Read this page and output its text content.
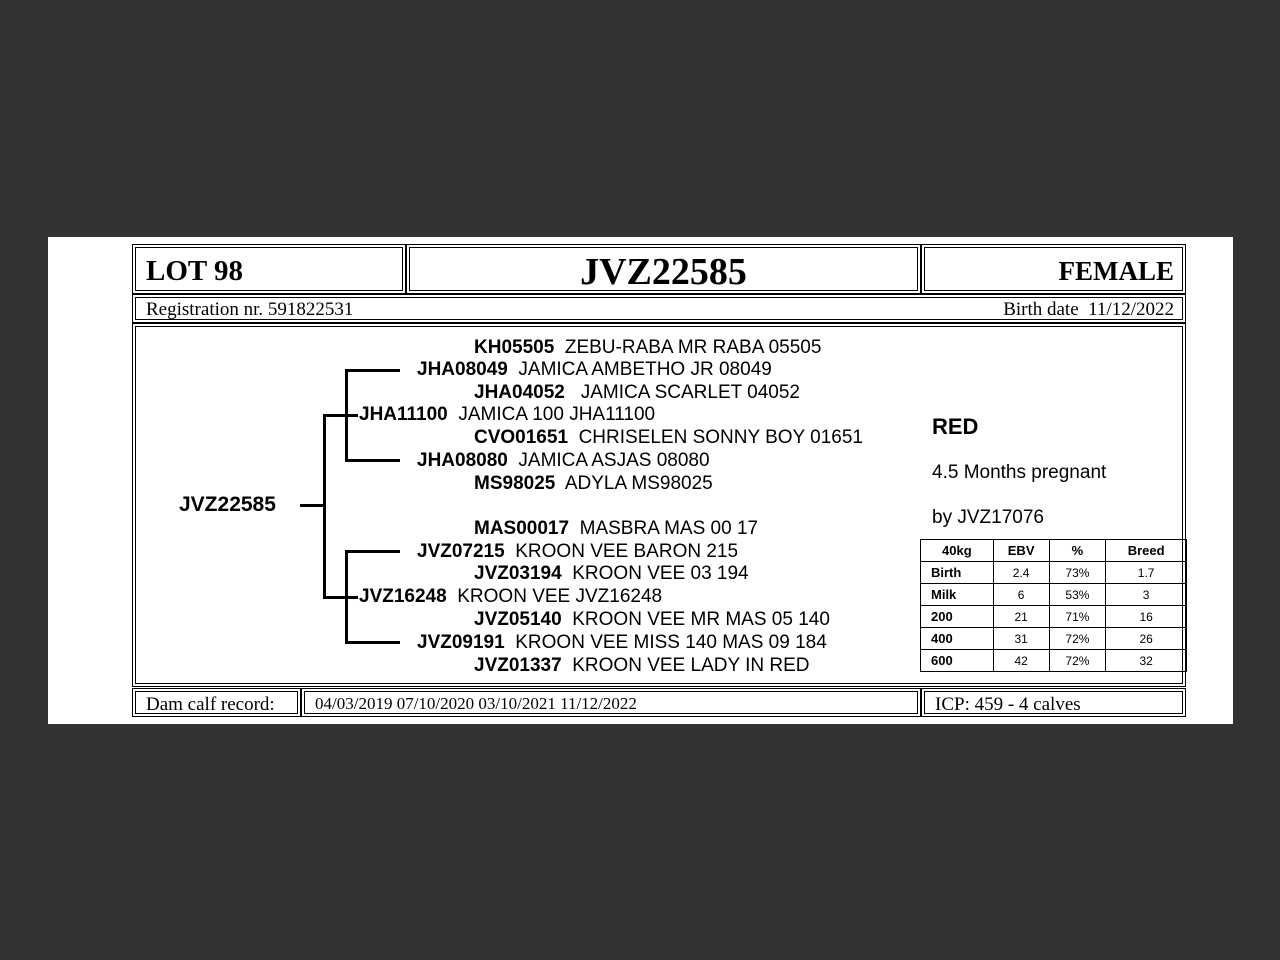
LOT 98	JVZ22585	FEMALE
Registration nr. 591822531	Birth date 11/12/2022
JVZ22585
KH05505 ZEBU-RABA MR RABA 05505
JHA08049 JAMICA AMBETHO JR 08049
JHA04052 JAMICA SCARLET 04052
JHA11100 JAMICA 100 JHA11100
CVO01651 CHRISELEN SONNY BOY 01651
JHA08080 JAMICA ASJAS 08080
MS98025 ADYLA MS98025
MAS00017 MASBRA MAS 00 17
JVZ07215 KROON VEE BARON 215
JVZ03194 KROON VEE 03 194
JVZ16248 KROON VEE JVZ16248
JVZ05140 KROON VEE MR MAS 05 140
JVZ09191 KROON VEE MISS 140 MAS 09 184
JVZ01337 KROON VEE LADY IN RED
RED
4.5 Months pregnant
by JVZ17076
40kg	EBV	%	Breed
Birth	2.4	73%	1.7
Milk	6	53%	3
200	21	71%	16
400	31	72%	26
600	42	72%	32
Dam calf record: 04/03/2019 07/10/2020 03/10/2021 11/12/2022	ICP: 459 - 4 calves
